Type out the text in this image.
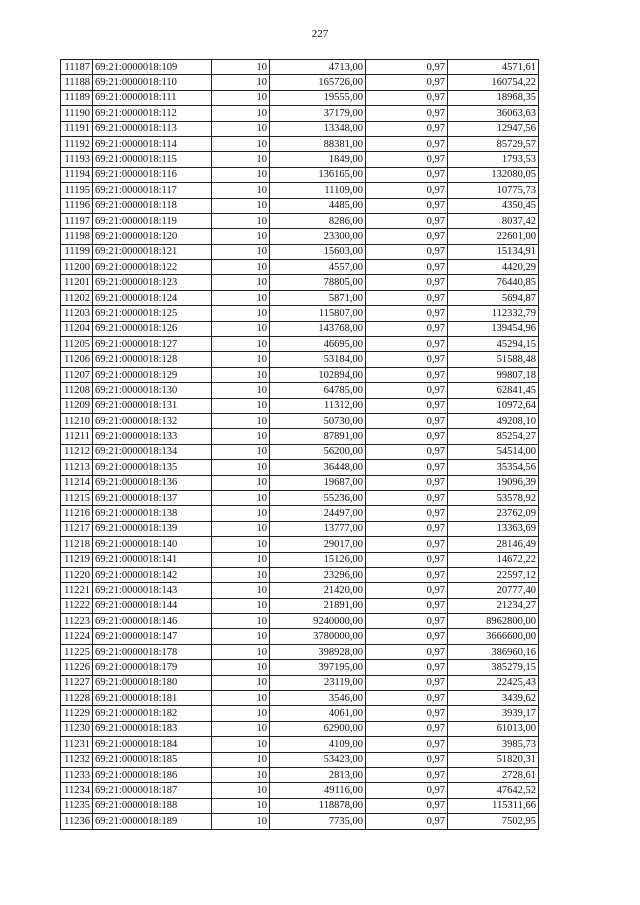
227
11187	69:21:0000018:109	10	4713,00	0,97	4571,61
11188	69:21:0000018:110	10	165726,00	0,97	160754,22
11189	69:21:0000018:111	10	19555,00	0,97	18968,35
11190	69:21:0000018:112	10	37179,00	0,97	36063,63
11191	69:21:0000018:113	10	13348,00	0,97	12947,56
11192	69:21:0000018:114	10	88381,00	0,97	85729,57
11193	69:21:0000018:115	10	1849,00	0,97	1793,53
11194	69:21:0000018:116	10	136165,00	0,97	132080,05
11195	69:21:0000018:117	10	11109,00	0,97	10775,73
11196	69:21:0000018:118	10	4485,00	0,97	4350,45
11197	69:21:0000018:119	10	8286,00	0,97	8037,42
11198	69:21:0000018:120	10	23300,00	0,97	22601,00
11199	69:21:0000018:121	10	15603,00	0,97	15134,91
11200	69:21:0000018:122	10	4557,00	0,97	4420,29
11201	69:21:0000018:123	10	78805,00	0,97	76440,85
11202	69:21:0000018:124	10	5871,00	0,97	5694,87
11203	69:21:0000018:125	10	115807,00	0,97	112332,79
11204	69:21:0000018:126	10	143768,00	0,97	139454,96
11205	69:21:0000018:127	10	46695,00	0,97	45294,15
11206	69:21:0000018:128	10	53184,00	0,97	51588,48
11207	69:21:0000018:129	10	102894,00	0,97	99807,18
11208	69:21:0000018:130	10	64785,00	0,97	62841,45
11209	69:21:0000018:131	10	11312,00	0,97	10972,64
11210	69:21:0000018:132	10	50730,00	0,97	49208,10
11211	69:21:0000018:133	10	87891,00	0,97	85254,27
11212	69:21:0000018:134	10	56200,00	0,97	54514,00
11213	69:21:0000018:135	10	36448,00	0,97	35354,56
11214	69:21:0000018:136	10	19687,00	0,97	19096,39
11215	69:21:0000018:137	10	55236,00	0,97	53578,92
11216	69:21:0000018:138	10	24497,00	0,97	23762,09
11217	69:21:0000018:139	10	13777,00	0,97	13363,69
11218	69:21:0000018:140	10	29017,00	0,97	28146,49
11219	69:21:0000018:141	10	15126,00	0,97	14672,22
11220	69:21:0000018:142	10	23296,00	0,97	22597,12
11221	69:21:0000018:143	10	21420,00	0,97	20777,40
11222	69:21:0000018:144	10	21891,00	0,97	21234,27
11223	69:21:0000018:146	10	9240000,00	0,97	8962800,00
11224	69:21:0000018:147	10	3780000,00	0,97	3666600,00
11225	69:21:0000018:178	10	398928,00	0,97	386960,16
11226	69:21:0000018:179	10	397195,00	0,97	385279,15
11227	69:21:0000018:180	10	23119,00	0,97	22425,43
11228	69:21:0000018:181	10	3546,00	0,97	3439,62
11229	69:21:0000018:182	10	4061,00	0,97	3939,17
11230	69:21:0000018:183	10	62900,00	0,97	61013,00
11231	69:21:0000018:184	10	4109,00	0,97	3985,73
11232	69:21:0000018:185	10	53423,00	0,97	51820,31
11233	69:21:0000018:186	10	2813,00	0,97	2728,61
11234	69:21:0000018:187	10	49116,00	0,97	47642,52
11235	69:21:0000018:188	10	118878,00	0,97	115311,66
11236	69:21:0000018:189	10	7735,00	0,97	7502,95
